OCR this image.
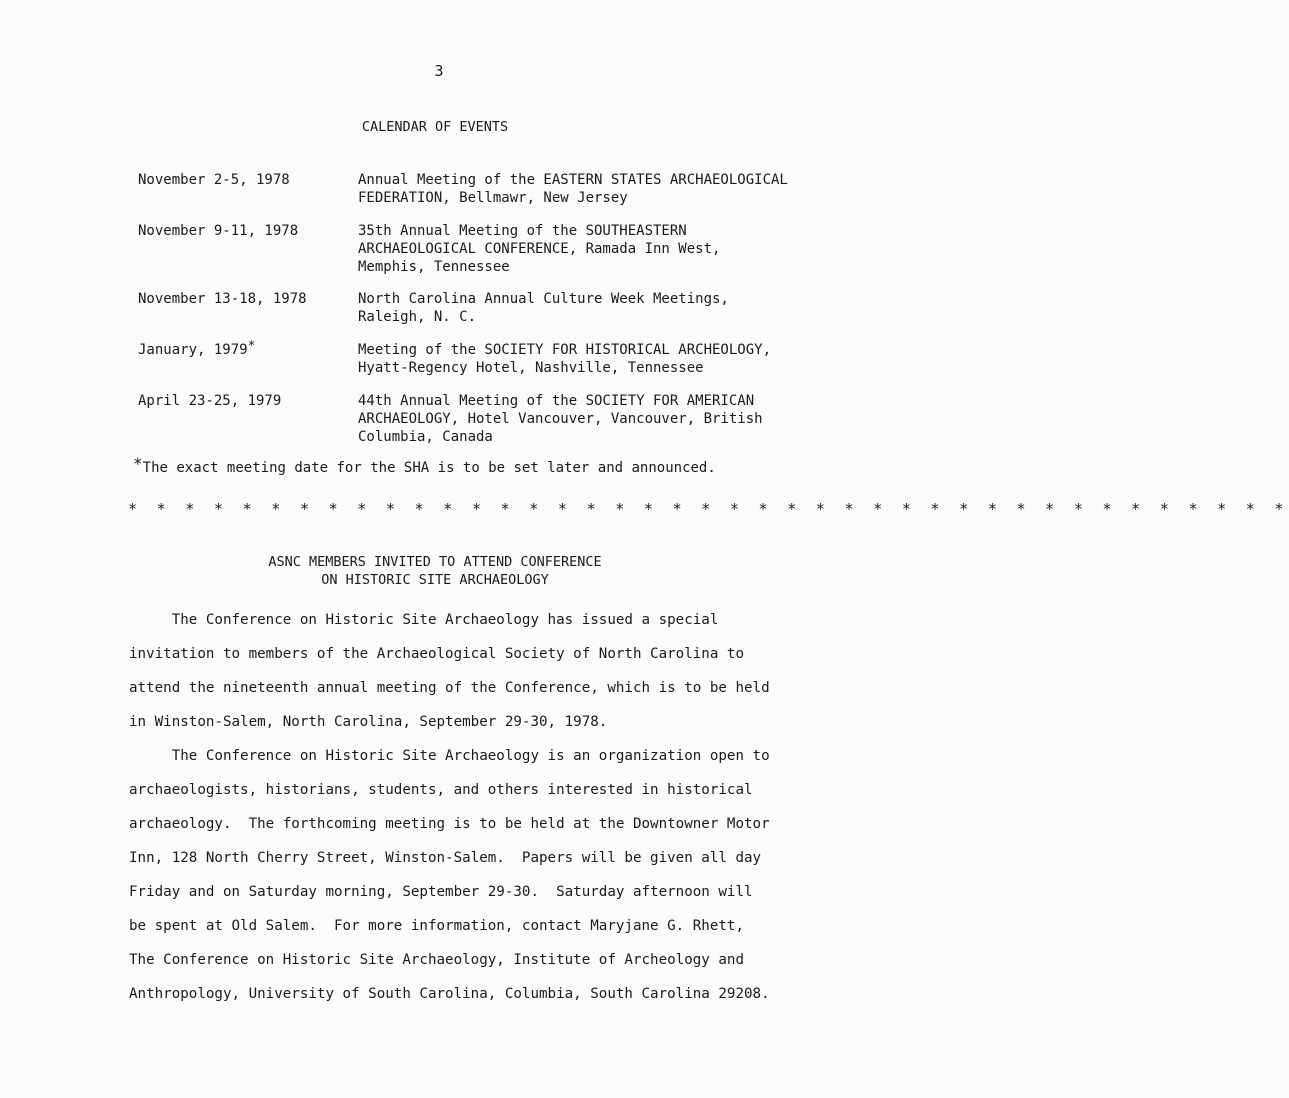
3
CALENDAR OF EVENTS
November 2-5, 1978	Annual Meeting of the EASTERN STATES ARCHAEOLOGICAL
FEDERATION, Bellmawr, New Jersey
November 9-11, 1978	35th Annual Meeting of the SOUTHEASTERN
ARCHAEOLOGICAL CONFERENCE, Ramada Inn West,
Memphis, Tennessee
November 13-18, 1978	North Carolina Annual Culture Week Meetings,
Raleigh, N. C.
January, 1979*	Meeting of the SOCIETY FOR HISTORICAL ARCHEOLOGY,
Hyatt-Regency Hotel, Nashville, Tennessee
April 23-25, 1979	44th Annual Meeting of the SOCIETY FOR AMERICAN
ARCHAEOLOGY, Hotel Vancouver, Vancouver, British
Columbia, Canada
*The exact meeting date for the SHA is to be set later and announced.
* * * * * * * * * * * * * * * * * * * * * * * * * * * * * * * * * * * * * * * * *
ASNC MEMBERS INVITED TO ATTEND CONFERENCE
ON HISTORIC SITE ARCHAEOLOGY
The Conference on Historic Site Archaeology has issued a special
invitation to members of the Archaeological Society of North Carolina to
attend the nineteenth annual meeting of the Conference, which is to be held
in Winston-Salem, North Carolina, September 29-30, 1978.
The Conference on Historic Site Archaeology is an organization open to
archaeologists, historians, students, and others interested in historical
archaeology.  The forthcoming meeting is to be held at the Downtowner Motor
Inn, 128 North Cherry Street, Winston-Salem.  Papers will be given all day
Friday and on Saturday morning, September 29-30.  Saturday afternoon will
be spent at Old Salem.  For more information, contact Maryjane G. Rhett,
The Conference on Historic Site Archaeology, Institute of Archeology and
Anthropology, University of South Carolina, Columbia, South Carolina 29208.
